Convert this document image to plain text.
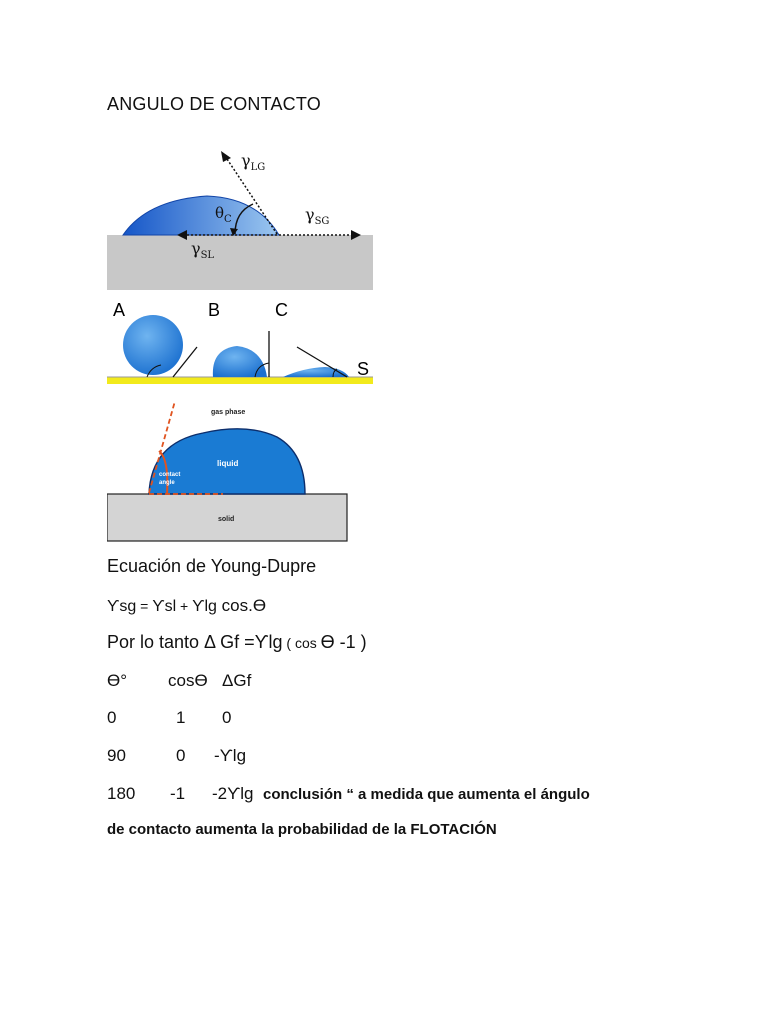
ANGULO DE CONTACTO
$\gamma_{LG}$
$\theta_C$	$\gamma_{SG}$
$\gamma_{SL}$
A	B	C
S
gas phase
liquid
contact
angle
solid
Ecuación de Young-Dupre
ϒsg = ϒsl + ϒlg cos.ϴ
Por lo tanto Δ Gf =ϒlg ( cos ϴ -1 )
ϴ° cosϴ ΔGf
0	1 0
90	0 -ϒlg
180 -1 -2ϒlg conclusión “ a medida que aumenta el ángulo
de contacto aumenta la probabilidad de la FLOTACIÓN
